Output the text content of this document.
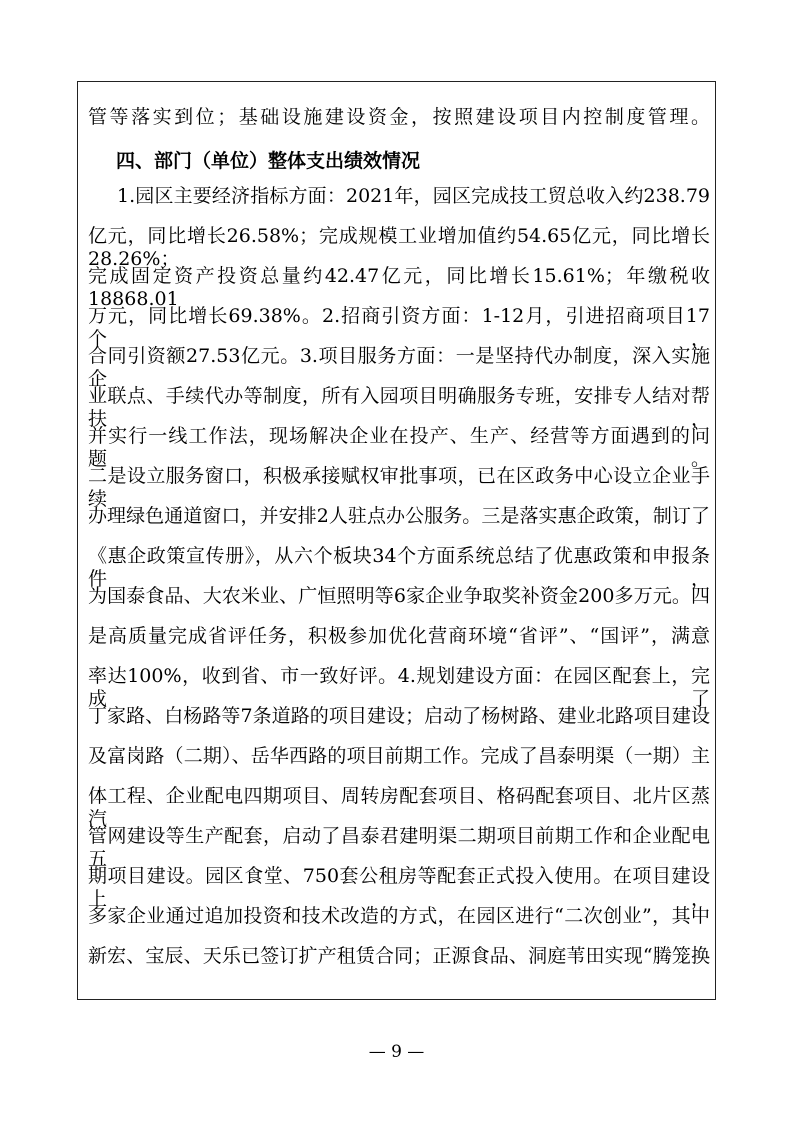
管等落实到位；基础设施建设资金，按照建设项目内控制度管理。
四、部门（单位）整体支出绩效情况
1.园区主要经济指标方面：2021年，园区完成技工贸总收入约238.79
亿元，同比增长26.58%；完成规模工业增加值约54.65亿元，同比增长28.26%；
完成固定资产投资总量约42.47亿元，同比增长15.61%；年缴税收18868.01
万元，同比增长69.38%。2.招商引资方面：1-12月，引进招商项目17个，
合同引资额27.53亿元。3.项目服务方面：一是坚持代办制度，深入实施企
业联点、手续代办等制度，所有入园项目明确服务专班，安排专人结对帮扶，
并实行一线工作法，现场解决企业在投产、生产、经营等方面遇到的问题。
二是设立服务窗口，积极承接赋权审批事项，已在区政务中心设立企业手续
办理绿色通道窗口，并安排2人驻点办公服务。三是落实惠企政策，制订了
《惠企政策宣传册》，从六个板块34个方面系统总结了优惠政策和申报条件，
为国泰食品、大农米业、广恒照明等6家企业争取奖补资金200多万元。四
是高质量完成省评任务，积极参加优化营商环境“省评”、“国评”，满意
率达100%，收到省、市一致好评。4.规划建设方面：在园区配套上，完成了
丁家路、白杨路等7条道路的项目建设；启动了杨树路、建业北路项目建设
及富岗路（二期）、岳华西路的项目前期工作。完成了昌泰明渠（一期）主
体工程、企业配电四期项目、周转房配套项目、格码配套项目、北片区蒸汽
管网建设等生产配套，启动了昌泰君建明渠二期项目前期工作和企业配电五
期项目建设。园区食堂、750套公租房等配套正式投入使用。在项目建设上，
多家企业通过追加投资和技术改造的方式，在园区进行“二次创业”，其中
新宏、宝辰、天乐已签订扩产租赁合同；正源食品、洞庭苇田实现“腾笼换
— 9 —
